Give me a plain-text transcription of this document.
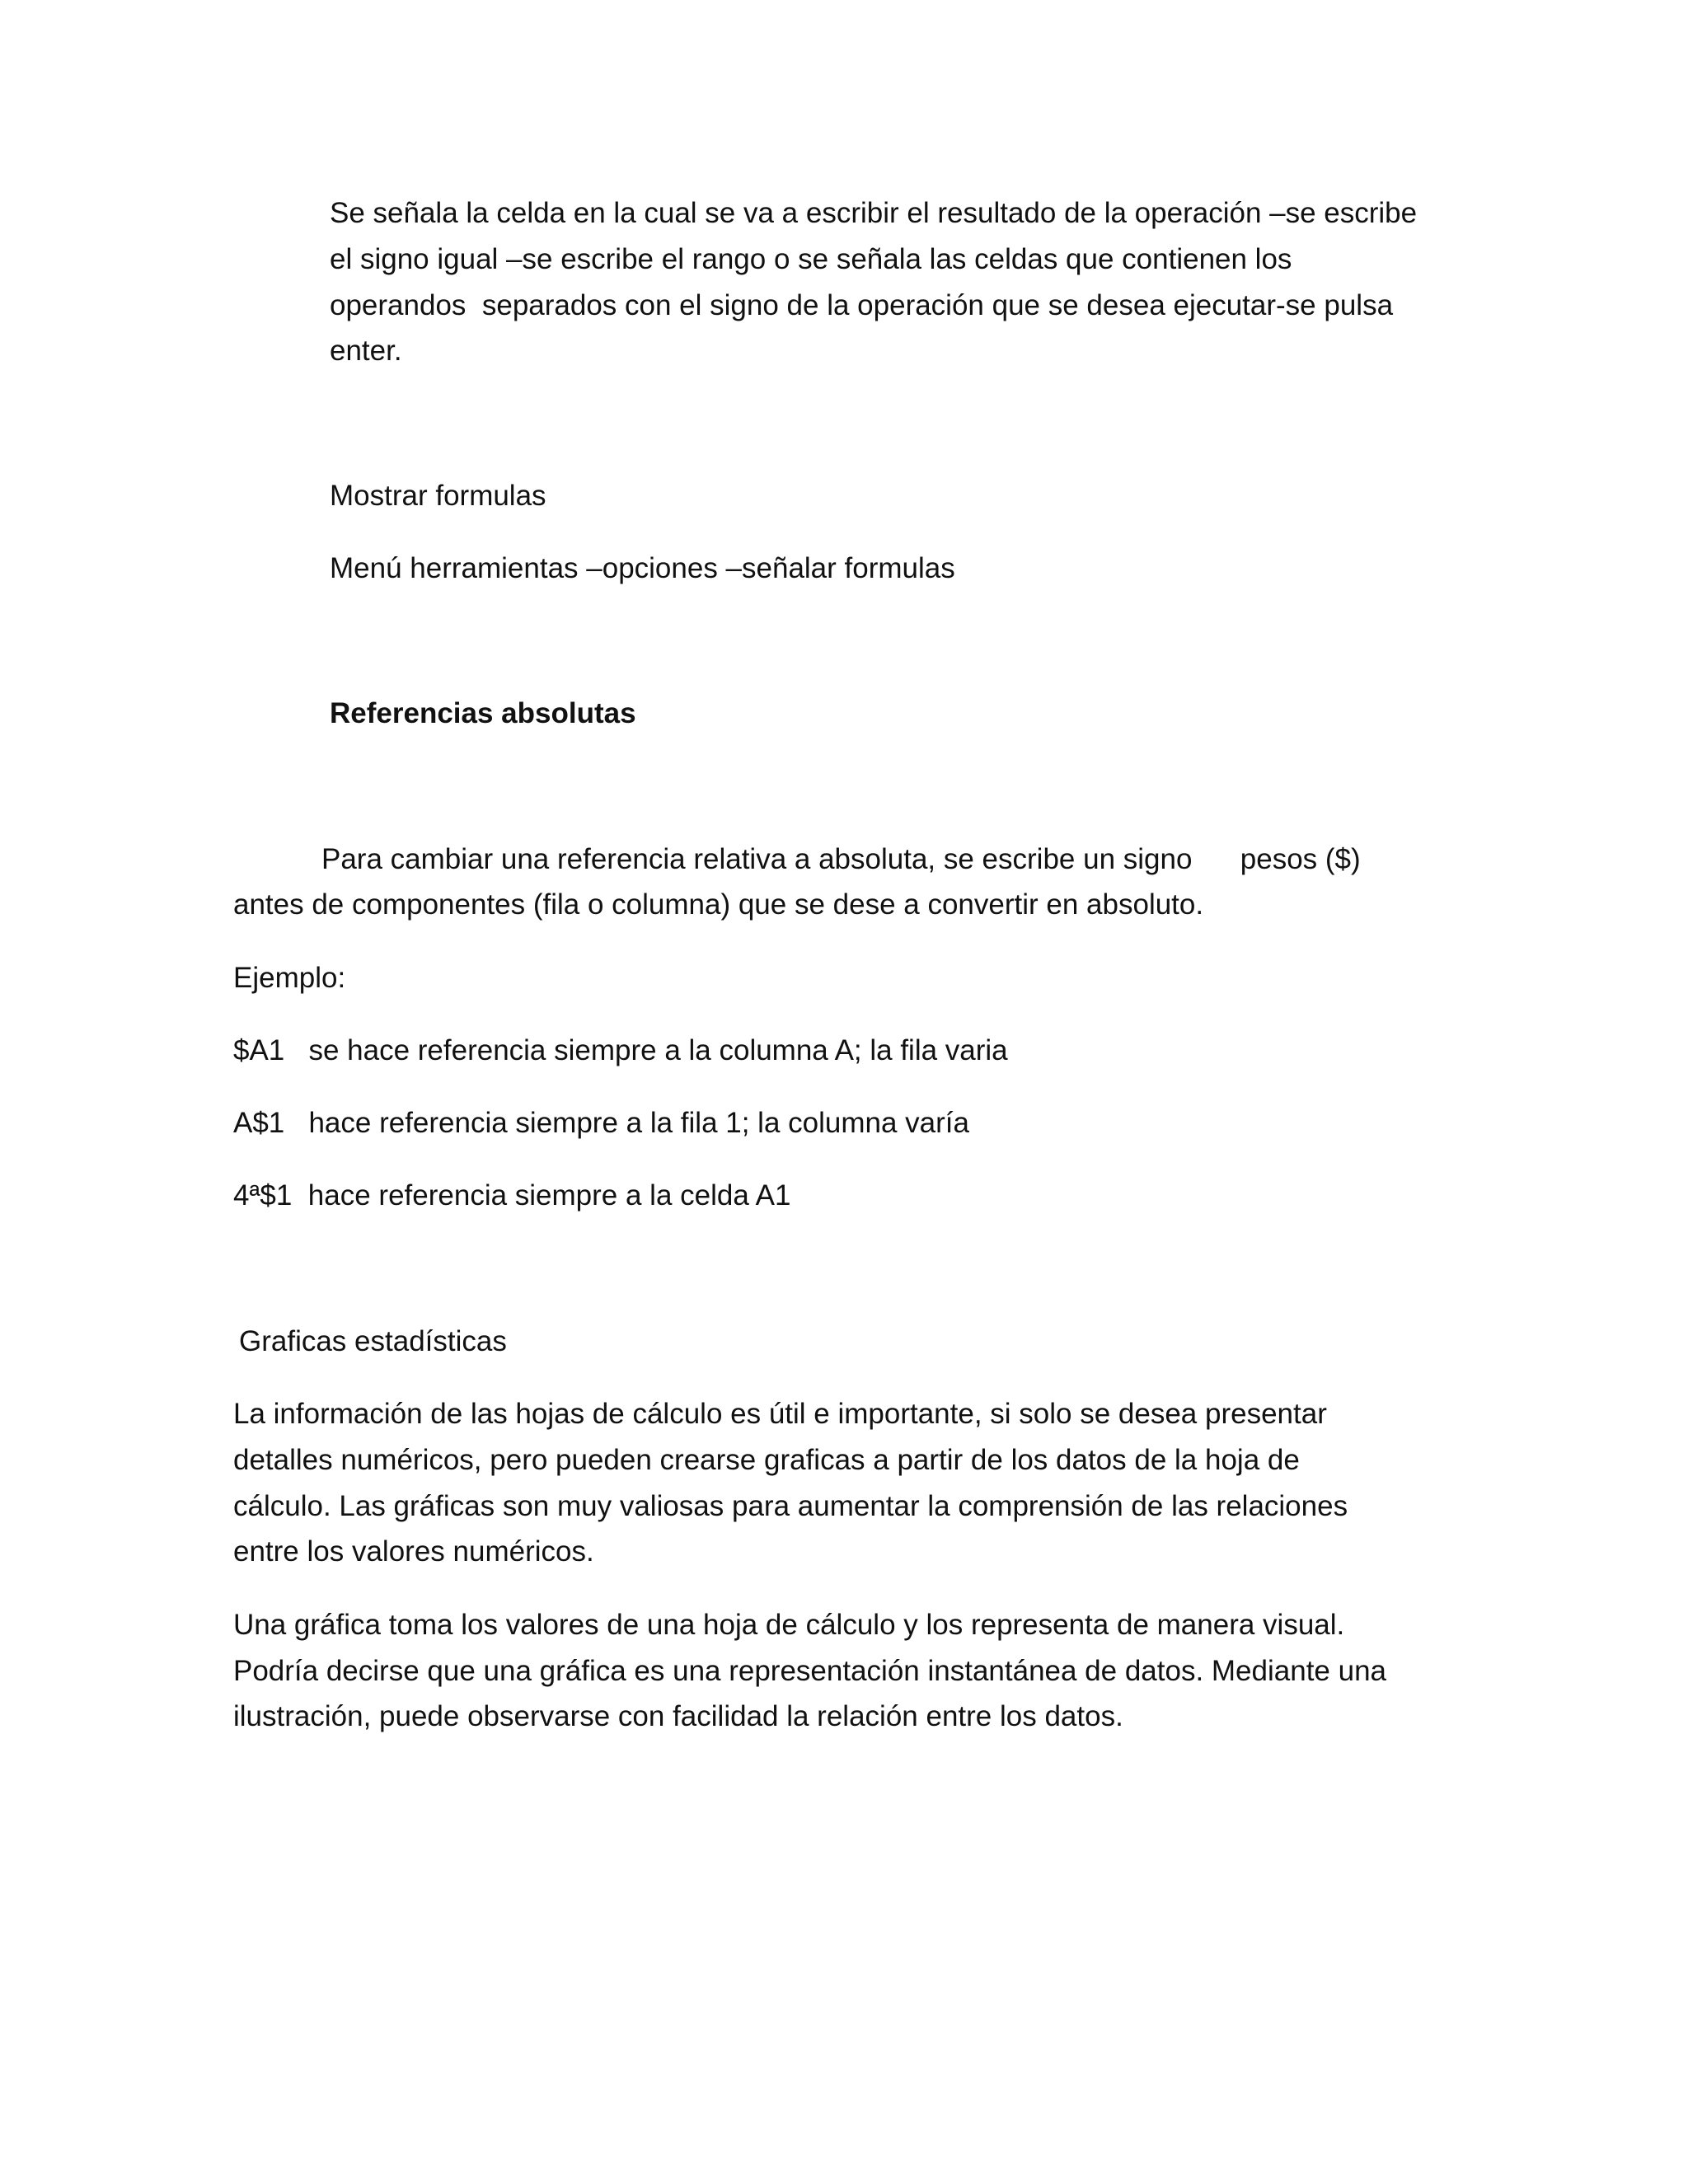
Se señala la celda en la cual se va a escribir el resultado de la operación –se escribe

el signo igual –se escribe el rango o se señala las celdas que contienen los

operandos  separados con el signo de la operación que se desea ejecutar-se pulsa

enter.

Mostrar formulas

Menú herramientas –opciones –señalar formulas

Referencias absolutas

Para cambiar una referencia relativa a absoluta, se escribe un signo      pesos ($)

antes de componentes (fila o columna) que se dese a convertir en absoluto.

Ejemplo:

$A1   se hace referencia siempre a la columna A; la fila varia

A$1   hace referencia siempre a la fila 1; la columna varía

4ª$1  hace referencia siempre a la celda A1

Graficas estadísticas

La información de las hojas de cálculo es útil e importante, si solo se desea presentar

detalles numéricos, pero pueden crearse graficas a partir de los datos de la hoja de

cálculo. Las gráficas son muy valiosas para aumentar la comprensión de las relaciones

entre los valores numéricos.

Una gráfica toma los valores de una hoja de cálculo y los representa de manera visual.

Podría decirse que una gráfica es una representación instantánea de datos. Mediante una

ilustración, puede observarse con facilidad la relación entre los datos.
